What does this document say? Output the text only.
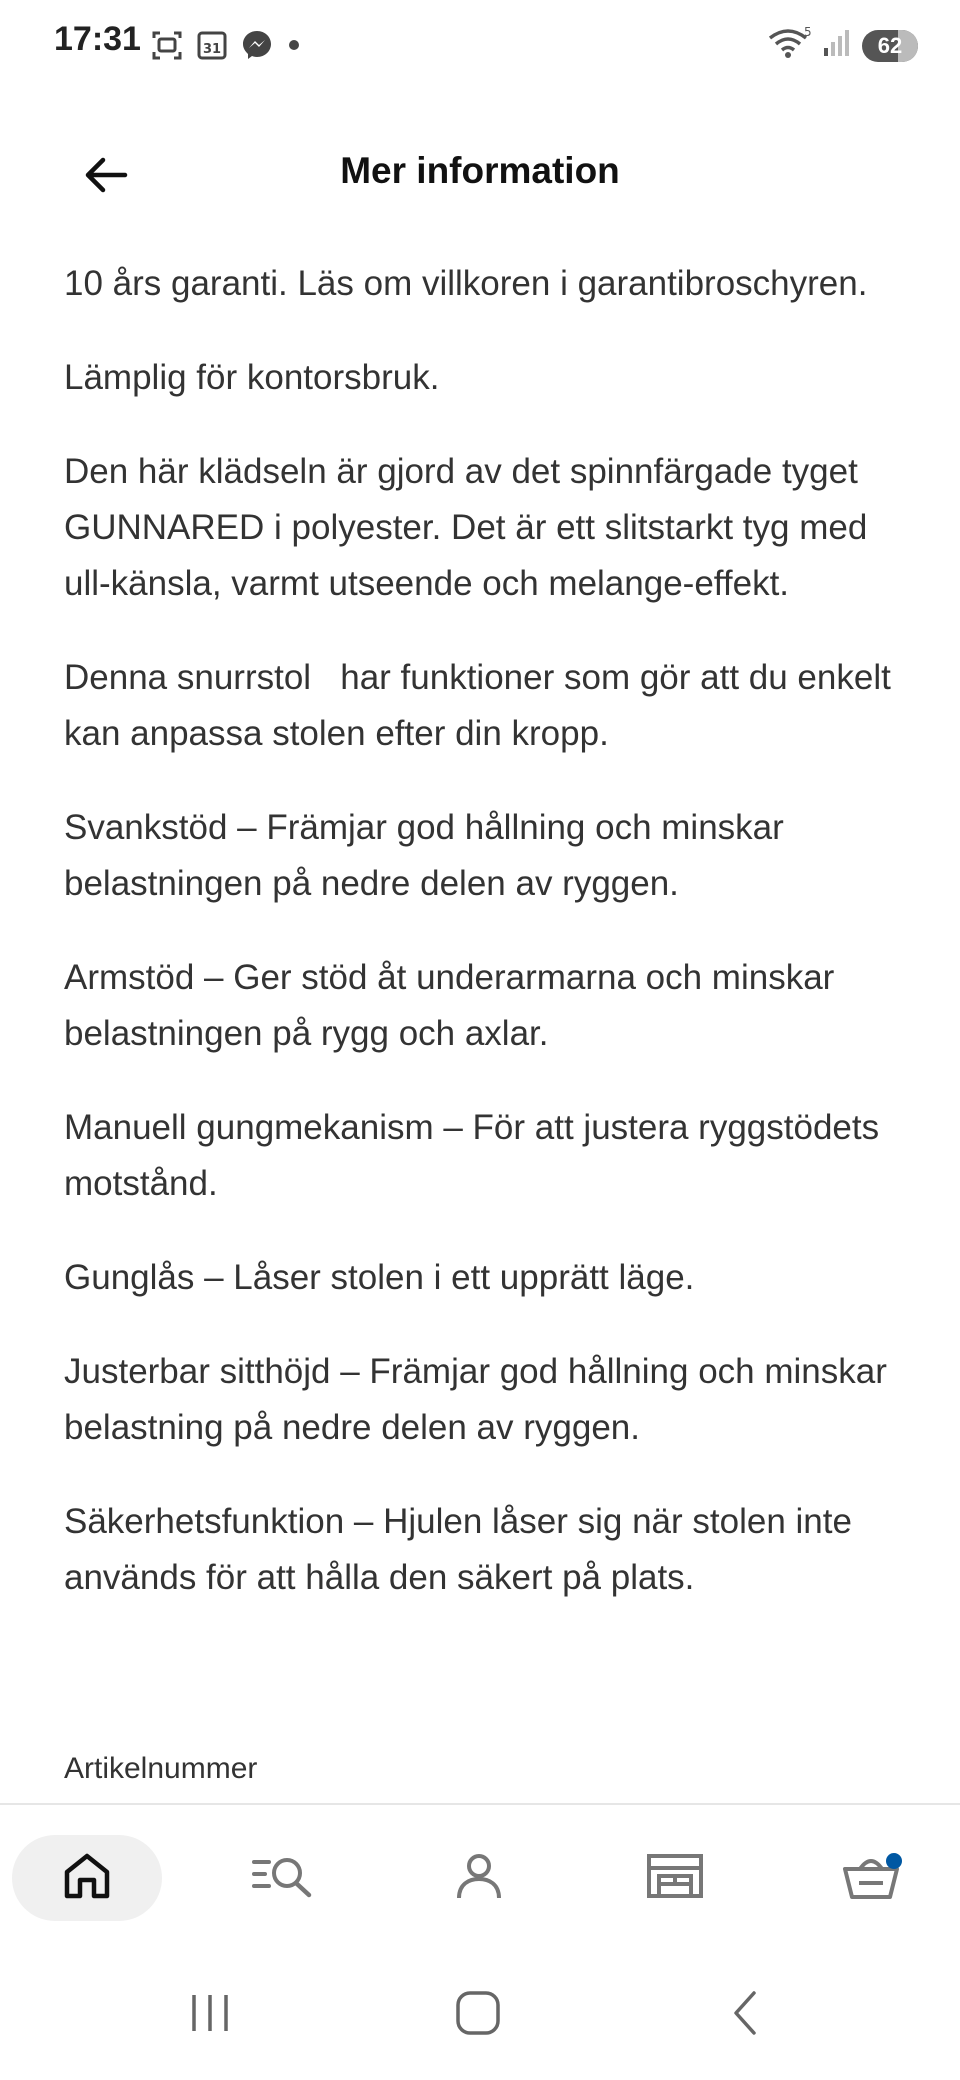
17:31	31
5
62
Mer information

10 års garanti. Läs om villkoren i garantibroschyren.

Lämplig för kontorsbruk.

Den här klädseln är gjord av det spinnfärgade tyget GUNNARED i polyester. Det är ett slitstarkt tyg med ull-känsla, varmt utseende och melange-effekt.

Denna snurrstol   har funktioner som gör att du enkelt kan anpassa stolen efter din kropp.

Svankstöd – Främjar god hållning och minskar belastningen på nedre delen av ryggen.

Armstöd – Ger stöd åt underarmarna och minskar belastningen på rygg och axlar.

Manuell gungmekanism – För att justera ryggstödets motstånd.

Gunglås – Låser stolen i ett upprätt läge.

Justerbar sitthöjd – Främjar god hållning och minskar belastning på nedre delen av ryggen.

Säkerhetsfunktion – Hjulen låser sig när stolen inte används för att hålla den säkert på plats.

Artikelnummer
